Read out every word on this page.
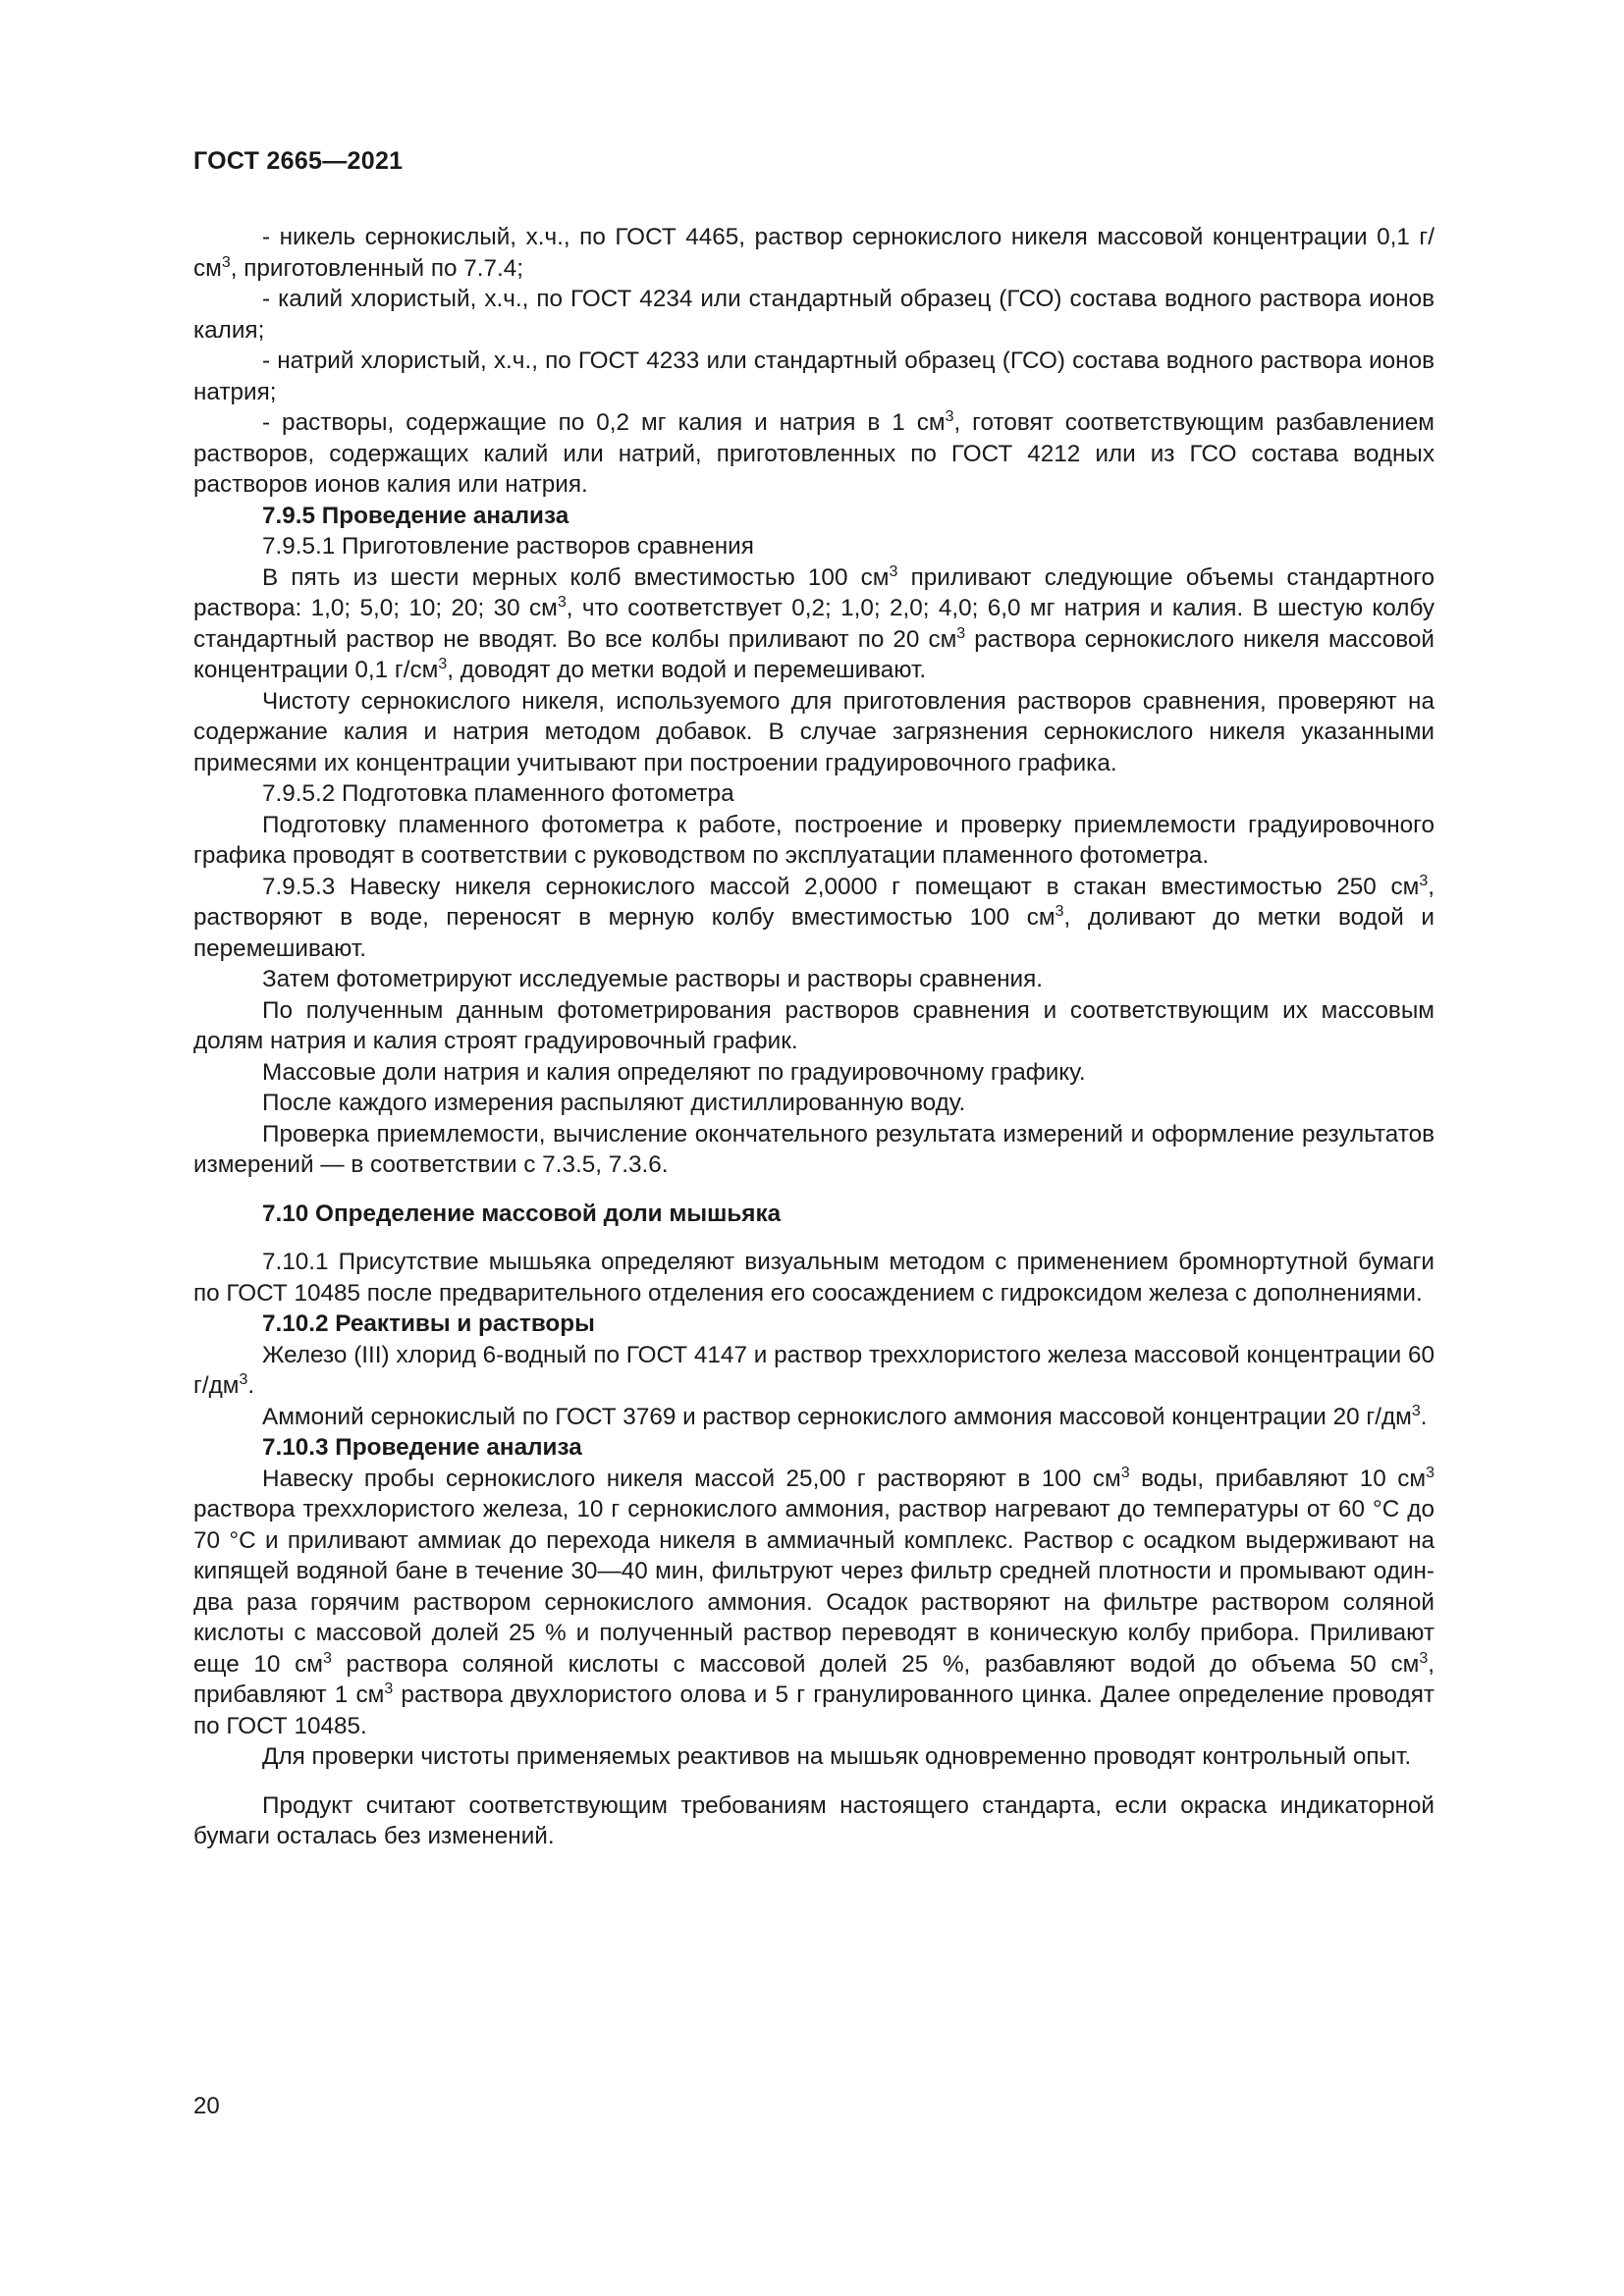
ГОСТ 2665—2021

- никель сернокислый, х.ч., по ГОСТ 4465, раствор сернокислого никеля массовой концентрации 0,1 $г/см^3$, приготовленный по 7.7.4;

- калий хлористый, х.ч., по ГОСТ 4234 или стандартный образец (ГСО) состава водного раствора ионов калия;

- натрий хлористый, х.ч., по ГОСТ 4233 или стандартный образец (ГСО) состава водного раствора ионов натрия;

- растворы, содержащие по 0,2 мг калия и натрия в 1 $см^3$, готовят соответствующим разбавлением растворов, содержащих калий или натрий, приготовленных по ГОСТ 4212 или из ГСО состава водных растворов ионов калия или натрия.

7.9.5 Проведение анализа

7.9.5.1 Приготовление растворов сравнения

В пять из шести мерных колб вместимостью 100 $см^3$ приливают следующие объемы стандартного раствора: 1,0; 5,0; 10; 20; 30 $см^3$, что соответствует 0,2; 1,0; 2,0; 4,0; 6,0 мг натрия и калия. В шестую колбу стандартный раствор не вводят. Во все колбы приливают по 20 $см^3$ раствора сернокислого никеля массовой концентрации 0,1 $г/см^3$, доводят до метки водой и перемешивают.

Чистоту сернокислого никеля, используемого для приготовления растворов сравнения, проверяют на содержание калия и натрия методом добавок. В случае загрязнения сернокислого никеля указанными примесями их концентрации учитывают при построении градуировочного графика.

7.9.5.2 Подготовка пламенного фотометра

Подготовку пламенного фотометра к работе, построение и проверку приемлемости градуировочного графика проводят в соответствии с руководством по эксплуатации пламенного фотометра.

7.9.5.3 Навеску никеля сернокислого массой 2,0000 г помещают в стакан вместимостью 250 $см^3$, растворяют в воде, переносят в мерную колбу вместимостью 100 $см^3$, доливают до метки водой и перемешивают.

Затем фотометрируют исследуемые растворы и растворы сравнения.

По полученным данным фотометрирования растворов сравнения и соответствующим их массовым долям натрия и калия строят градуировочный график.

Массовые доли натрия и калия определяют по градуировочному графику.

После каждого измерения распыляют дистиллированную воду.

Проверка приемлемости, вычисление окончательного результата измерений и оформление результатов измерений — в соответствии с 7.3.5, 7.3.6.

7.10 Определение массовой доли мышьяка

7.10.1 Присутствие мышьяка определяют визуальным методом с применением бромнортутной бумаги по ГОСТ 10485 после предварительного отделения его соосаждением с гидроксидом железа с дополнениями.

7.10.2 Реактивы и растворы

Железо (III) хлорид 6-водный по ГОСТ 4147 и раствор треххлористого железа массовой концентрации 60 $г/дм^3$.

Аммоний сернокислый по ГОСТ 3769 и раствор сернокислого аммония массовой концентрации 20 $г/дм^3$.

7.10.3 Проведение анализа

Навеску пробы сернокислого никеля массой 25,00 г растворяют в 100 $см^3$ воды, прибавляют 10 $см^3$ раствора треххлористого железа, 10 г сернокислого аммония, раствор нагревают до температуры от 60 °С до 70 °С и приливают аммиак до перехода никеля в аммиачный комплекс. Раствор с осадком выдерживают на кипящей водяной бане в течение 30—40 мин, фильтруют через фильтр средней плотности и промывают один-два раза горячим раствором сернокислого аммония. Осадок растворяют на фильтре раствором соляной кислоты с массовой долей 25 % и полученный раствор переводят в коническую колбу прибора. Приливают еще 10 $см^3$ раствора соляной кислоты с массовой долей 25 %, разбавляют водой до объема 50 $см^3$, прибавляют 1 $см^3$ раствора двухлористого олова и 5 г гранулированного цинка. Далее определение проводят по ГОСТ 10485.

Для проверки чистоты применяемых реактивов на мышьяк одновременно проводят контрольный опыт.

Продукт считают соответствующим требованиям настоящего стандарта, если окраска индикаторной бумаги осталась без изменений.

20
